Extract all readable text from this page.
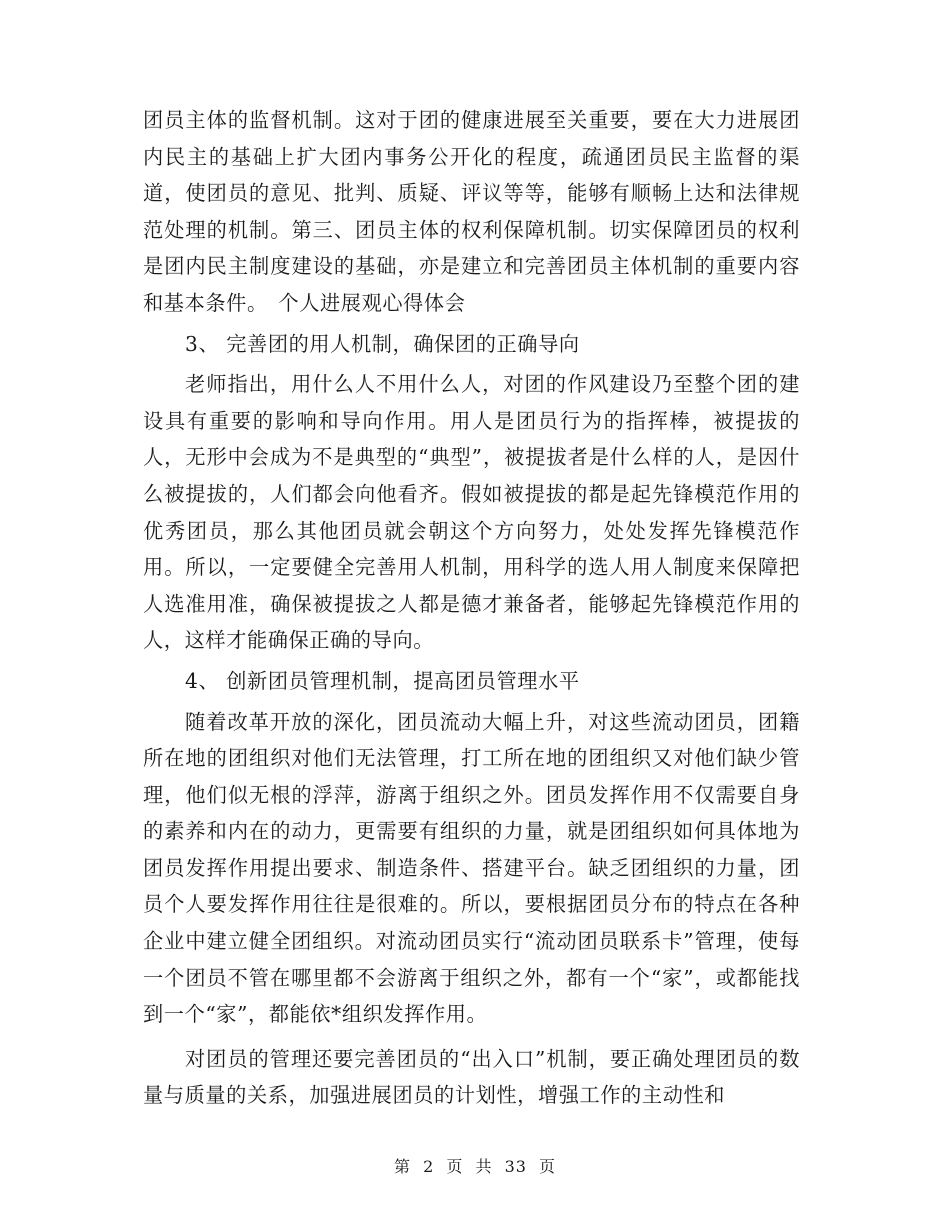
团员主体的监督机制。这对于团的健康进展至关重要，要在大力进展团内民主的基础上扩大团内事务公开化的程度，疏通团员民主监督的渠道，使团员的意见、批判、质疑、评议等等，能够有顺畅上达和法律规范处理的机制。第三、团员主体的权利保障机制。切实保障团员的权利是团内民主制度建设的基础，亦是建立和完善团员主体机制的重要内容和基本条件。　个人进展观心得体会

3、 完善团的用人机制，确保团的正确导向

老师指出，用什么人不用什么人，对团的作风建设乃至整个团的建设具有重要的影响和导向作用。用人是团员行为的指挥棒，被提拔的人，无形中会成为不是典型的“典型”，被提拔者是什么样的人，是因什么被提拔的，人们都会向他看齐。假如被提拔的都是起先锋模范作用的优秀团员，那么其他团员就会朝这个方向努力，处处发挥先锋模范作用。所以，一定要健全完善用人机制，用科学的选人用人制度来保障把人选准用准，确保被提拔之人都是德才兼备者，能够起先锋模范作用的人，这样才能确保正确的导向。

4、 创新团员管理机制，提高团员管理水平

随着改革开放的深化，团员流动大幅上升，对这些流动团员，团籍所在地的团组织对他们无法管理，打工所在地的团组织又对他们缺少管理，他们似无根的浮萍，游离于组织之外。团员发挥作用不仅需要自身的素养和内在的动力，更需要有组织的力量，就是团组织如何具体地为团员发挥作用提出要求、制造条件、搭建平台。缺乏团组织的力量，团员个人要发挥作用往往是很难的。所以，要根据团员分布的特点在各种企业中建立健全团组织。对流动团员实行“流动团员联系卡”管理，使每一个团员不管在哪里都不会游离于组织之外，都有一个“家”，或都能找到一个“家”，都能依*组织发挥作用。

对团员的管理还要完善团员的“出入口”机制，要正确处理团员的数量与质量的关系，加强进展团员的计划性，增强工作的主动性和

第 2 页 共 33 页
